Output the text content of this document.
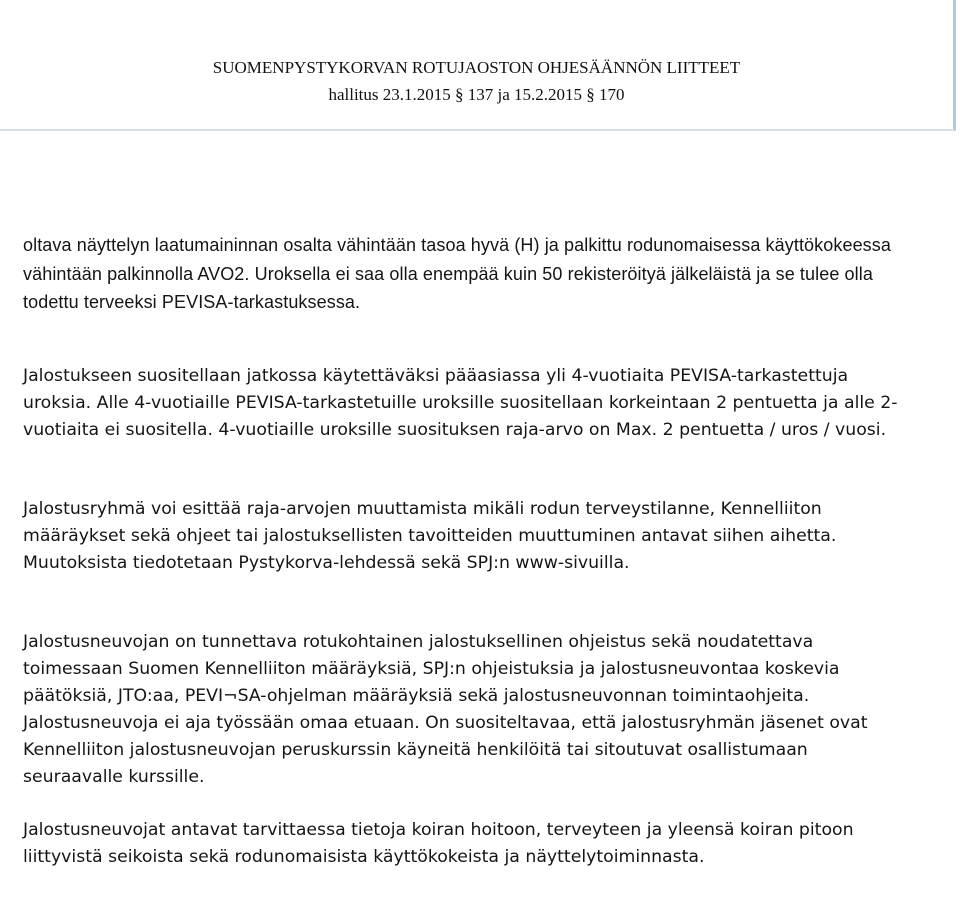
SUOMENPYSTYKORVAN ROTUJAOSTON OHJESÄÄNNÖN LIITTEET
hallitus 23.1.2015 § 137 ja 15.2.2015 § 170

oltava näyttelyn laatumaininnan osalta vähintään tasoa hyvä (H) ja palkittu rodunomaisessa käyttökokeessa vähintään palkinnolla AVO2. Uroksella ei saa olla enempää kuin 50 rekisteröityä jälkeläistä ja se tulee olla todettu terveeksi PEVISA-tarkastuksessa.

Jalostukseen suositellaan jatkossa käytettäväksi pääasiassa yli 4-vuotiaita PEVISA-tarkastettuja uroksia. Alle 4-vuotiaille PEVISA-tarkastetuille uroksille suositellaan korkeintaan 2 pentuetta ja alle 2-vuotiaita ei suositella. 4-vuotiaille uroksille suosituksen raja-arvo on Max. 2 pentuetta / uros / vuosi.

Jalostusryhmä voi esittää raja-arvojen muuttamista mikäli rodun terveystilanne, Kennelliiton määräykset sekä ohjeet tai jalostuksellisten tavoitteiden muuttuminen antavat siihen aihetta. Muutoksista tiedotetaan Pystykorva-lehdessä sekä SPJ:n www-sivuilla.

Jalostusneuvojan on tunnettava rotukohtainen jalostuksellinen ohjeistus sekä noudatettava toimessaan Suomen Kennelliiton määräyksiä, SPJ:n ohjeistuksia ja jalostusneuvontaa koskevia päätöksiä, JTO:aa, PEVI¬SA-ohjelman määräyksiä sekä jalostusneuvonnan toimintaohjeita. Jalostusneuvoja ei aja työssään omaa etuaan. On suositeltavaa, että jalostusryhmän jäsenet ovat Kennelliiton jalostusneuvojan peruskurssin käyneitä henkilöitä tai sitoutuvat osallistumaan seuraavalle kurssille.

Jalostusneuvojat antavat tarvittaessa tietoja koiran hoitoon, terveyteen ja yleensä koiran pitoon liittyvistä seikoista sekä rodunomaisista käyttökokeista ja näyttelytoiminnasta.
